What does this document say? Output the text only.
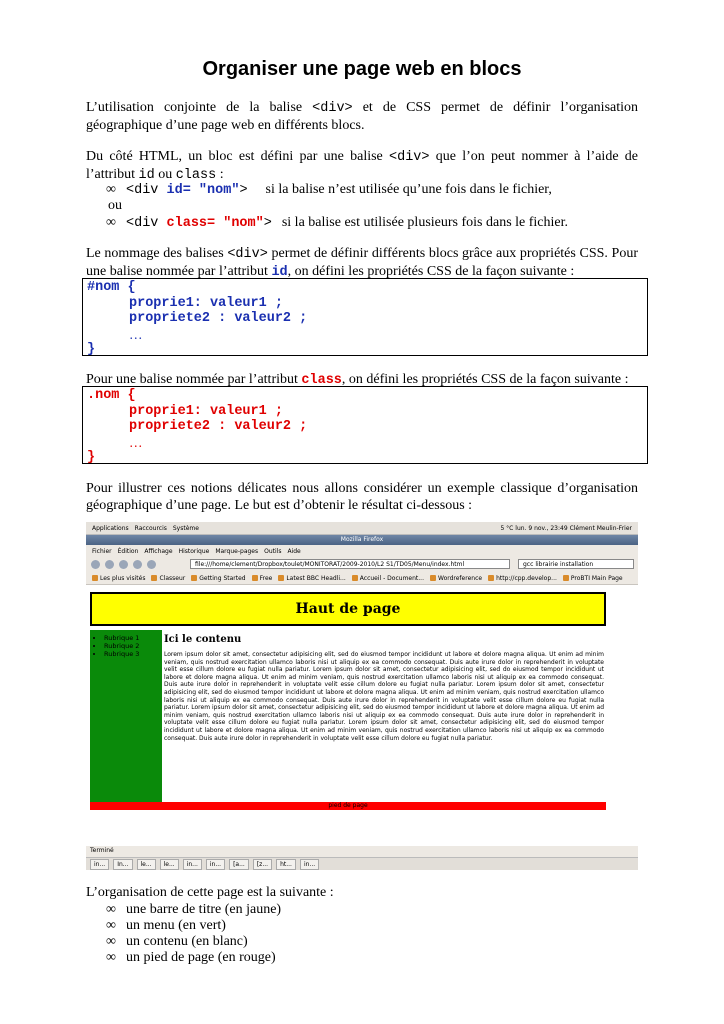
Organiser une page web en blocs

L’utilisation conjointe de la balise <div> et de CSS permet de définir l’organisation géographique d’une page web en différents blocs.

Du côté HTML, un bloc est défini par une balise <div> que l’on peut nommer à l’aide de l’attribut id ou class :

∞ <div id= "nom"> si la balise n’est utilisée qu’une fois dans le fichier,
ou
∞ <div class= "nom"> si la balise est utilisée plusieurs fois dans le fichier.

Le nommage des balises <div> permet de définir différents blocs grâce aux propriétés CSS. Pour une balise nommée par l’attribut id, on défini les propriétés CSS de la façon suivante :

#nom {
proprie1: valeur1 ;
propriete2 : valeur2 ;
…
}

Pour une balise nommée par l’attribut class, on défini les propriétés CSS de la façon suivante :

.nom {
proprie1: valeur1 ;
propriete2 : valeur2 ;
…
}

Pour illustrer ces notions délicates nous allons considérer un exemple classique d’organisation géographique d’une page. Le but est d’obtenir le résultat ci-dessous :

Applications Raccourcis Système	5 °C lun. 9 nov., 23:49 Clément Meulin-Frier
Mozilla Firefox
Fichier Édition Affichage Historique Marque-pages Outils Aide
file:///home/clement/Dropbox/toulet/MONITORAT/2009-2010/L2 S1/TD05/Menu/index.html	gcc librairie installation
Les plus visités	Classeur	Getting Started	Free	Latest BBC Headli...	Accueil - Document...	Wordreference	http://cpp.develop...	ProBTI Main Page
Haut de page
• Rubrique 1
• Rubrique 2
• Rubrique 3
Ici le contenu

Lorem ipsum dolor sit amet, consectetur adipisicing elit, sed do eiusmod tempor incididunt ut labore et dolore magna aliqua. Ut enim ad minim veniam, quis nostrud exercitation ullamco laboris nisi ut aliquip ex ea commodo consequat. Duis aute irure dolor in reprehenderit in voluptate velit esse cillum dolore eu fugiat nulla pariatur. Lorem ipsum dolor sit amet, consectetur adipisicing elit, sed do eiusmod tempor incididunt ut labore et dolore magna aliqua. Ut enim ad minim veniam, quis nostrud exercitation ullamco laboris nisi ut aliquip ex ea commodo consequat. Duis aute irure dolor in reprehenderit in voluptate velit esse cillum dolore eu fugiat nulla pariatur. Lorem ipsum dolor sit amet, consectetur adipisicing elit, sed do eiusmod tempor incididunt ut labore et dolore magna aliqua. Ut enim ad minim veniam, quis nostrud exercitation ullamco laboris nisi ut aliquip ex ea commodo consequat. Duis aute irure dolor in reprehenderit in voluptate velit esse cillum dolore eu fugiat nulla pariatur. Lorem ipsum dolor sit amet, consectetur adipisicing elit, sed do eiusmod tempor incididunt ut labore et dolore magna aliqua. Ut enim ad minim veniam, quis nostrud exercitation ullamco laboris nisi ut aliquip ex ea commodo consequat. Duis aute irure dolor in reprehenderit in voluptate velit esse cillum dolore eu fugiat nulla pariatur. Lorem ipsum dolor sit amet, consectetur adipisicing elit, sed do eiusmod tempor incididunt ut labore et dolore magna aliqua. Ut enim ad minim veniam, quis nostrud exercitation ullamco laboris nisi ut aliquip ex ea commodo consequat. Duis aute irure dolor in reprehenderit in voluptate velit esse cillum dolore eu fugiat nulla pariatur.

pied de page
Terminé
in...	In...	le...	le...	in...	in...	[a...	[z...	ht...	in...

L’organisation de cette page est la suivante :

∞ une barre de titre (en jaune)
∞ un menu (en vert)
∞ un contenu (en blanc)
∞ un pied de page (en rouge)
